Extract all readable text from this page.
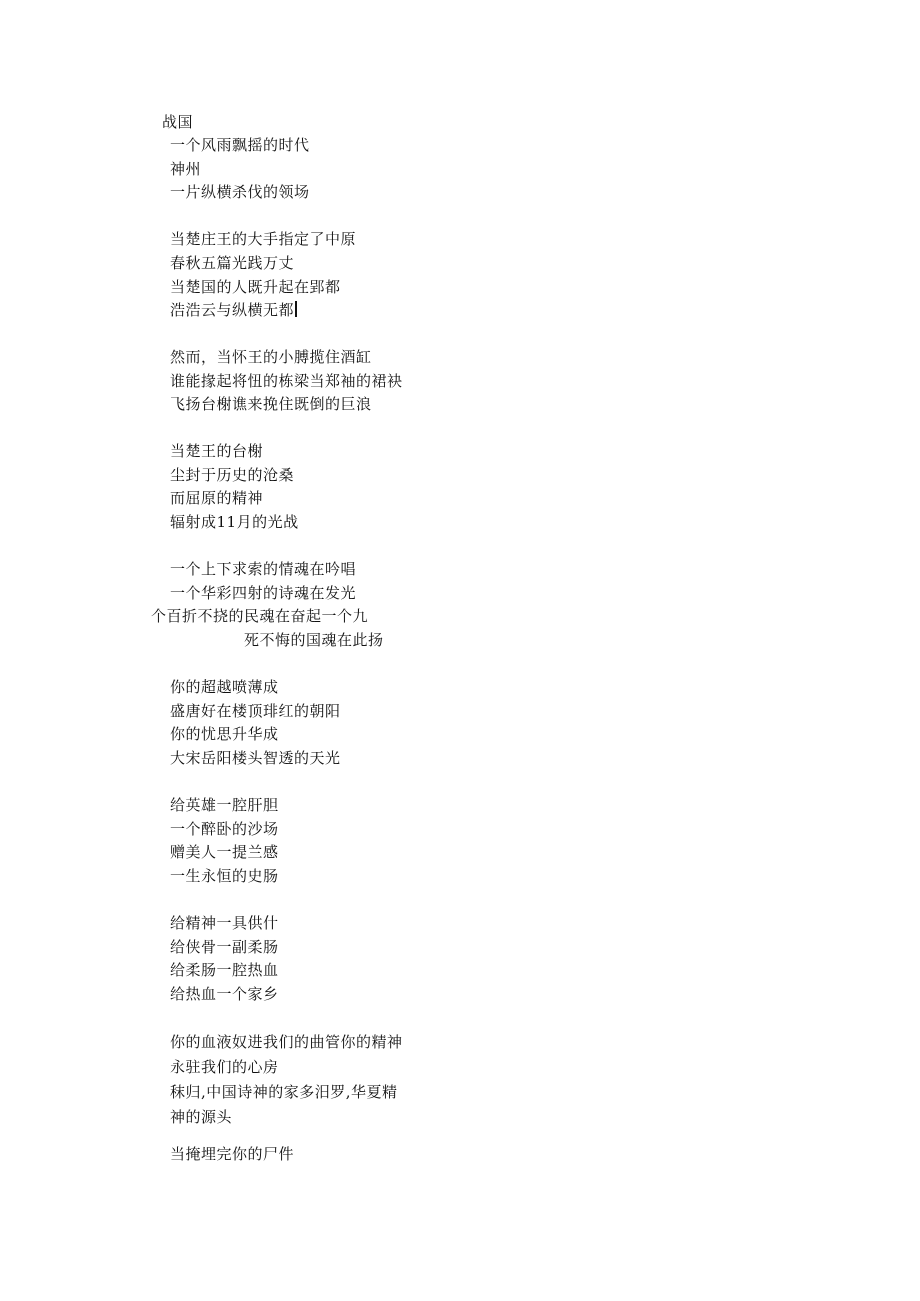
战国
一个风雨飘摇的时代
神州
一片纵横杀伐的领场
当楚庄王的大手指定了中原
春秋五篇光践万丈
当楚国的人既升起在郢都
浩浩云与纵横无都
然而，当怀王的小膊揽住酒缸
谁能掾起将忸的栋梁当郑袖的裙袂
飞扬台榭谯来挽住既倒的巨浪
当楚王的台榭
尘封于历史的沧桑
而屈原的精神
辐射成11月的光战
一个上下求索的情魂在吟唱
一个华彩四射的诗魂在发光
个百折不挠的民魂在奋起一个九
死不悔的国魂在此扬
你的超越喷薄成
盛唐好在楼顶琲红的朝阳
你的忧思升华成
大宋岳阳楼头智透的天光
给英雄一腔肝胆
一个醉卧的沙场
赠美人一提兰感
一生永恒的史肠
给精神一具供什
给侠骨一副柔肠
给柔肠一腔热血
给热血一个家乡
你的血液奴进我们的曲管你的精神
永驻我们的心房
秣归,中国诗神的家多汨罗,华夏精
神的源头
当掩埋完你的尸件
